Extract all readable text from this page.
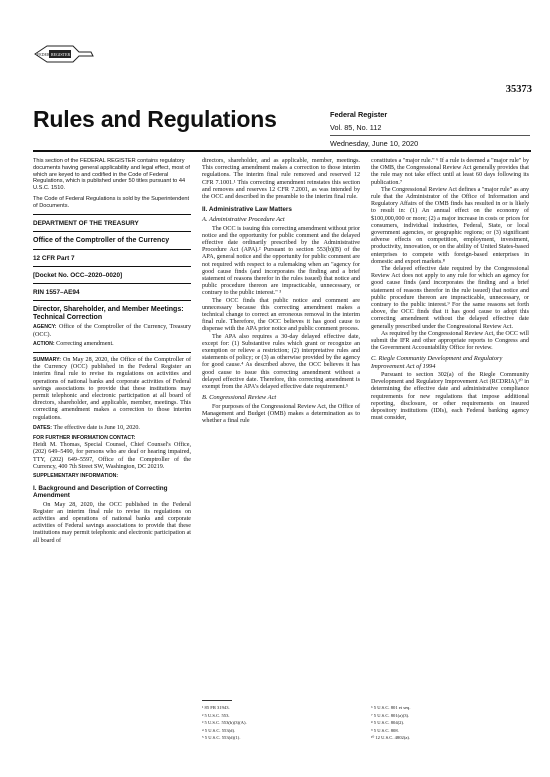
FEDERAL
REGISTER
35373
Rules and Regulations	Federal Register
Vol. 85, No. 112
Wednesday, June 10, 2020

This section of the FEDERAL REGISTER contains regulatory documents having general applicability and legal effect, most of which are keyed to and codified in the Code of Federal Regulations, which is published under 50 titles pursuant to 44 U.S.C. 1510.

The Code of Federal Regulations is sold by the Superintendent of Documents.

DEPARTMENT OF THE TREASURY

Office of the Comptroller of the Currency

12 CFR Part 7

[Docket No. OCC–2020–0020]

RIN 1557–AE94

Director, Shareholder, and Member Meetings: Technical Correction

AGENCY: Office of the Comptroller of the Currency, Treasury (OCC).

ACTION: Correcting amendment.

SUMMARY: On May 28, 2020, the Office of the Comptroller of the Currency (OCC) published in the Federal Register an interim final rule to revise its regulations on activities and operations of national banks and corporate activities of Federal savings associations to provide that these institutions may permit telephonic and electronic participation at all board of directors, shareholder, and applicable, member, meetings. This correcting amendment makes a correction to those interim regulations.

DATES: The effective date is June 10, 2020.

FOR FURTHER INFORMATION CONTACT:

Heidi M. Thomas, Special Counsel, Chief Counsel's Office, (202) 649–5490, for persons who are deaf or hearing impaired, TTY, (202) 649–5597, Office of the Comptroller of the Currency, 400 7th Street SW, Washington, DC 20219.

SUPPLEMENTARY INFORMATION:

I. Background and Description of Correcting Amendment

On May 28, 2020, the OCC published in the Federal Register an interim final rule to revise its regulations on activities and operations of national banks and corporate activities of Federal savings associations to provide that these institutions may permit telephonic and electronic participation at all board of

directors, shareholder, and as applicable, member, meetings. This correcting amendment makes a correction to those interim regulations. The interim final rule removed and reserved 12 CFR 7.1001.¹ This correcting amendment reinstates this section and removes and reserves 12 CFR 7.2001, as was intended by the OCC and described in the preamble to the interim final rule.

II. Administrative Law Matters

A. Administrative Procedure Act

The OCC is issuing this correcting amendment without prior notice and the opportunity for public comment and the delayed effective date ordinarily prescribed by the Administrative Procedure Act (APA).² Pursuant to section 553(b)(B) of the APA, general notice and the opportunity for public comment are not required with respect to a rulemaking when an "agency for good cause finds (and incorporates the finding and a brief statement of reasons therefor in the rules issued) that notice and public procedure thereon are impracticable, unnecessary, or contrary to the public interest." ³

The OCC finds that public notice and comment are unnecessary because this correcting amendment makes a technical change to correct an erroneous removal in the interim final rule. Therefore, the OCC believes it has good cause to dispense with the APA prior notice and public comment process.

The APA also requires a 30-day delayed effective date, except for: (1) Substantive rules which grant or recognize an exemption or relieve a restriction; (2) interpretative rules and statements of policy; or (3) as otherwise provided by the agency for good cause.⁴ As described above, the OCC believes it has good cause to issue this correcting amendment without a delayed effective date. Therefore, this correcting amendment is exempt from the APA's delayed effective date requirement.⁵

B. Congressional Review Act

For purposes of the Congressional Review Act, the Office of Management and Budget (OMB) makes a determination as to whether a final rule

constitutes a "major rule." ⁶ If a rule is deemed a "major rule" by the OMB, the Congressional Review Act generally provides that the rule may not take effect until at least 60 days following its publication.⁷

The Congressional Review Act defines a "major rule" as any rule that the Administrator of the Office of Information and Regulatory Affairs of the OMB finds has resulted in or is likely to result in: (1) An annual effect on the economy of $100,000,000 or more; (2) a major increase in costs or prices for consumers, individual industries, Federal, State, or local government agencies, or geographic regions; or (3) significant adverse effects on competition, employment, investment, productivity, innovation, or on the ability of United States-based enterprises to compete with foreign-based enterprises in domestic and export markets.⁸

The delayed effective date required by the Congressional Review Act does not apply to any rule for which an agency for good cause finds (and incorporates the finding and a brief statement of reasons therefor in the rule issued) that notice and public procedure thereon are impracticable, unnecessary, or contrary to the public interest.⁹ For the same reasons set forth above, the OCC finds that it has good cause to adopt this correcting amendment without the delayed effective date generally prescribed under the Congressional Review Act.

As required by the Congressional Review Act, the OCC will submit the IFR and other appropriate reports to Congress and the Government Accountability Office for review.

C. Riegle Community Development and Regulatory Improvement Act of 1994

Pursuant to section 302(a) of the Riegle Community Development and Regulatory Improvement Act (RCDRIA),¹⁰ in determining the effective date and administrative compliance requirements for new regulations that impose additional reporting, disclosure, or other requirements on insured depository institutions (IDIs), each Federal banking agency must consider,

¹ 85 FR 31943.
² 5 U.S.C. 553.
³ 5 U.S.C. 553(b)(3)(A).
⁴ 5 U.S.C. 553(d).
⁵ 5 U.S.C. 553(d)(1).
⁶ 5 U.S.C. 801 et seq.
⁷ 5 U.S.C. 801(a)(3).
⁸ 5 U.S.C. 804(2).
⁹ 5 U.S.C. 808.
¹⁰ 12 U.S.C. 4802(a).
